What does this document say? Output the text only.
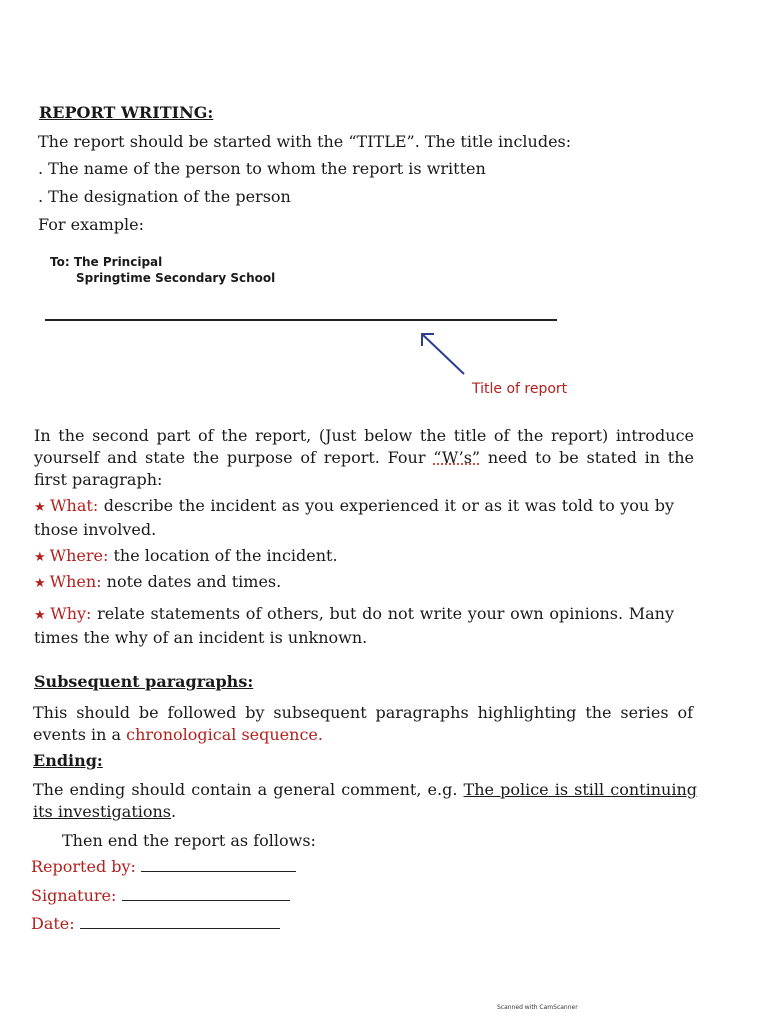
REPORT WRITING:
The report should be started with the “TITLE”. The title includes:
. The name of the person to whom the report is written
. The designation of the person
For example:
To: The Principal
Springtime Secondary School
Title of report
In the second part of the report, (Just below the title of the report) introduce yourself and state the purpose of report. Four “W’s” need to be stated in the first paragraph:
★ What: describe the incident as you experienced it or as it was told to you by those involved.
★ Where: the location of the incident.
★ When: note dates and times.
★ Why: relate statements of others, but do not write your own opinions. Many times the why of an incident is unknown.
Subsequent paragraphs:
This should be followed by subsequent paragraphs highlighting the series of events in a chronological sequence.
Ending:
The ending should contain a general comment, e.g. The police is still continuing its investigations.
Then end the report as follows:
Reported by:
Signature:
Date:
Scanned with CamScanner
